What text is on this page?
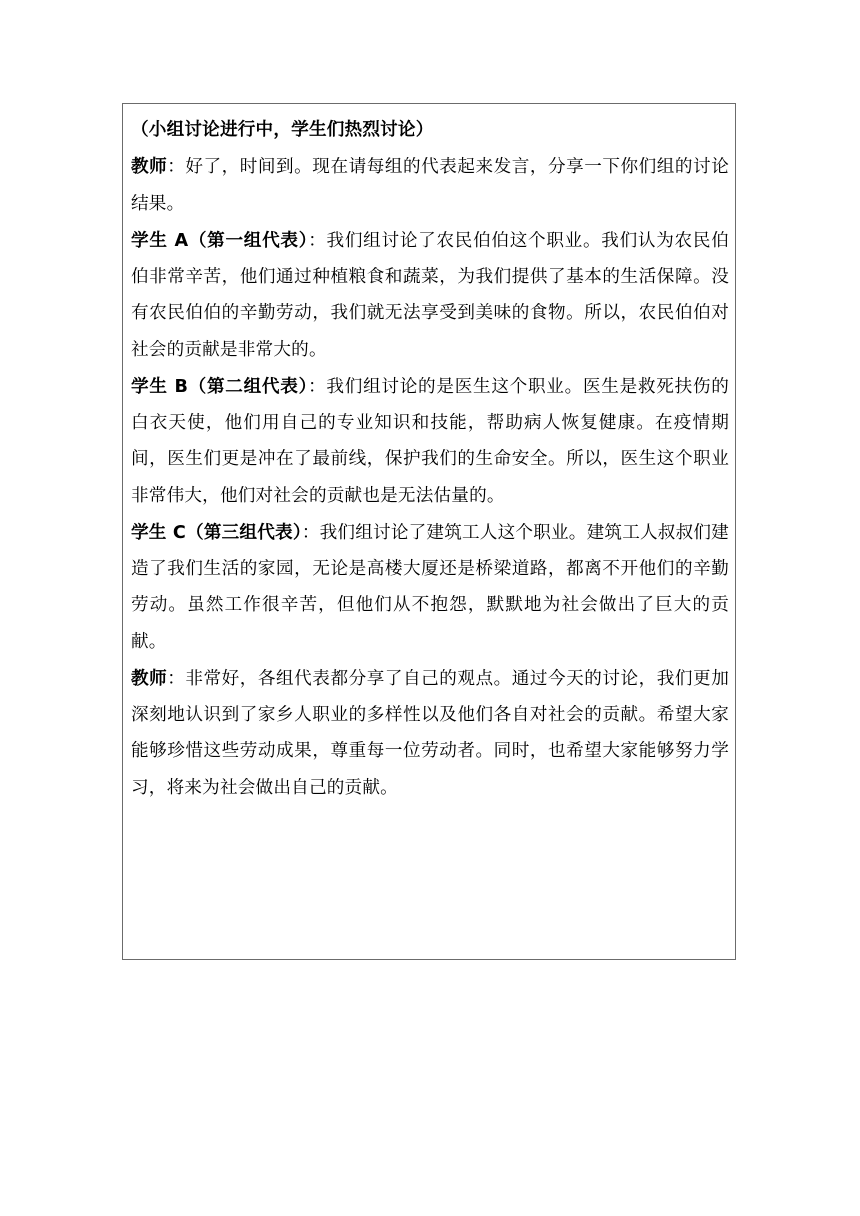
（小组讨论进行中，学生们热烈讨论）

教师：好了，时间到。现在请每组的代表起来发言，分享一下你们组的讨论结果。

学生 A（第一组代表）：我们组讨论了农民伯伯这个职业。我们认为农民伯伯非常辛苦，他们通过种植粮食和蔬菜，为我们提供了基本的生活保障。没有农民伯伯的辛勤劳动，我们就无法享受到美味的食物。所以，农民伯伯对社会的贡献是非常大的。

学生 B（第二组代表）：我们组讨论的是医生这个职业。医生是救死扶伤的白衣天使，他们用自己的专业知识和技能，帮助病人恢复健康。在疫情期间，医生们更是冲在了最前线，保护我们的生命安全。所以，医生这个职业非常伟大，他们对社会的贡献也是无法估量的。

学生 C（第三组代表）：我们组讨论了建筑工人这个职业。建筑工人叔叔们建造了我们生活的家园，无论是高楼大厦还是桥梁道路，都离不开他们的辛勤劳动。虽然工作很辛苦，但他们从不抱怨，默默地为社会做出了巨大的贡献。

教师：非常好，各组代表都分享了自己的观点。通过今天的讨论，我们更加深刻地认识到了家乡人职业的多样性以及他们各自对社会的贡献。希望大家能够珍惜这些劳动成果，尊重每一位劳动者。同时，也希望大家能够努力学习，将来为社会做出自己的贡献。
